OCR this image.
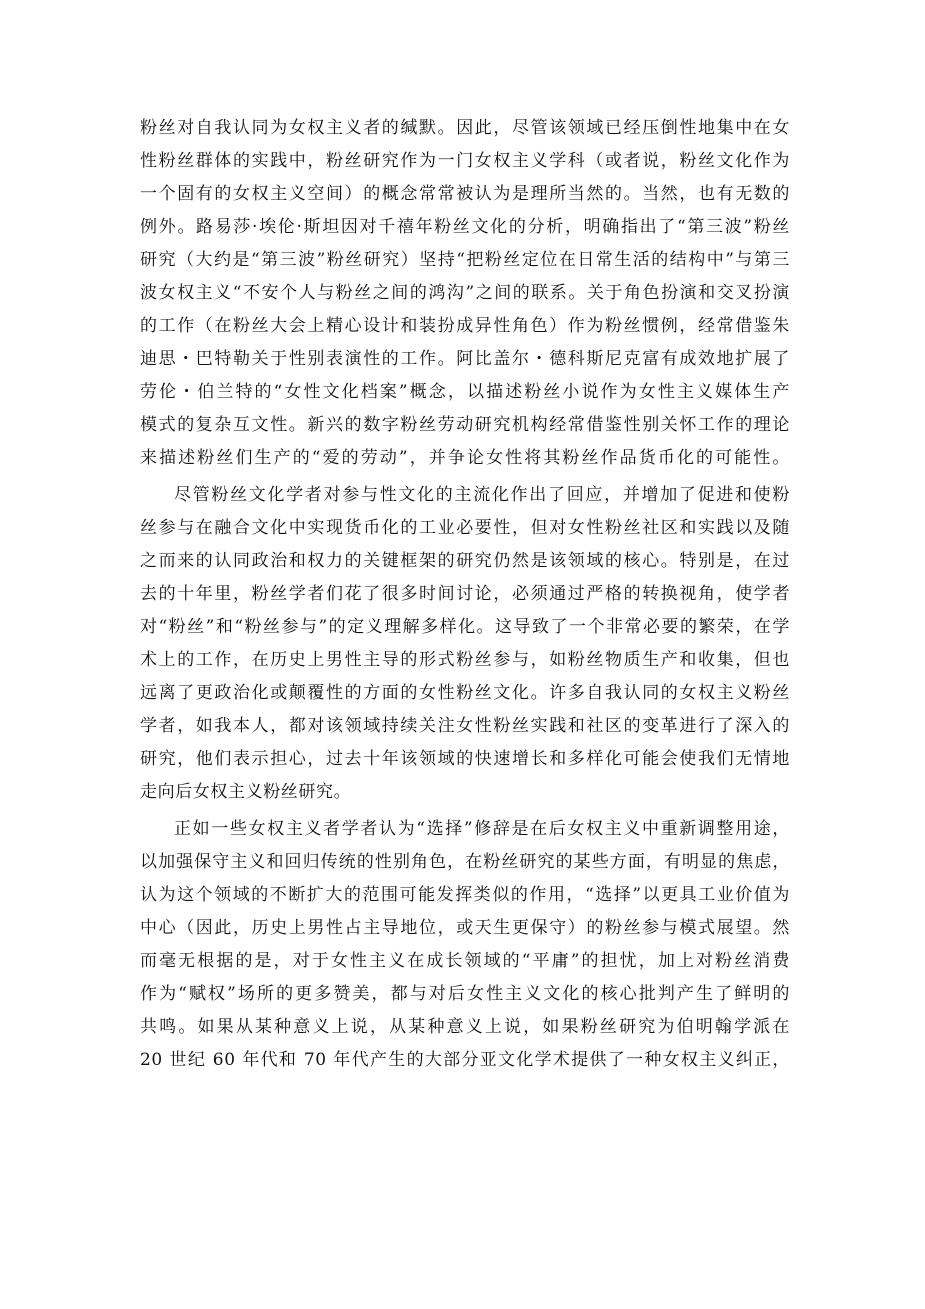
粉丝对自我认同为女权主义者的缄默。因此，尽管该领域已经压倒性地集中在女
性粉丝群体的实践中，粉丝研究作为一门女权主义学科（或者说，粉丝文化作为
一个固有的女权主义空间）的概念常常被认为是理所当然的。当然，也有无数的
例外。路易莎·埃伦·斯坦因对千禧年粉丝文化的分析，明确指出了“第三波”粉丝
研究（大约是“第三波”粉丝研究）坚持“把粉丝定位在日常生活的结构中”与第三
波女权主义“不安个人与粉丝之间的鸿沟”之间的联系。关于角色扮演和交叉扮演
的工作（在粉丝大会上精心设计和装扮成异性角色）作为粉丝惯例，经常借鉴朱
迪思・巴特勒关于性别表演性的工作。阿比盖尔・德科斯尼克富有成效地扩展了
劳伦・伯兰特的“女性文化档案”概念，以描述粉丝小说作为女性主义媒体生产
模式的复杂互文性。新兴的数字粉丝劳动研究机构经常借鉴性别关怀工作的理论
来描述粉丝们生产的“爱的劳动”，并争论女性将其粉丝作品货币化的可能性。
尽管粉丝文化学者对参与性文化的主流化作出了回应，并增加了促进和使粉
丝参与在融合文化中实现货币化的工业必要性，但对女性粉丝社区和实践以及随
之而来的认同政治和权力的关键框架的研究仍然是该领域的核心。特别是，在过
去的十年里，粉丝学者们花了很多时间讨论，必须通过严格的转换视角，使学者
对“粉丝”和“粉丝参与”的定义理解多样化。这导致了一个非常必要的繁荣，在学
术上的工作，在历史上男性主导的形式粉丝参与，如粉丝物质生产和收集，但也
远离了更政治化或颠覆性的方面的女性粉丝文化。许多自我认同的女权主义粉丝
学者，如我本人，都对该领域持续关注女性粉丝实践和社区的变革进行了深入的
研究，他们表示担心，过去十年该领域的快速增长和多样化可能会使我们无情地
走向后女权主义粉丝研究。
正如一些女权主义者学者认为“选择”修辞是在后女权主义中重新调整用途，
以加强保守主义和回归传统的性别角色，在粉丝研究的某些方面，有明显的焦虑，
认为这个领域的不断扩大的范围可能发挥类似的作用，“选择”以更具工业价值为
中心（因此，历史上男性占主导地位，或天生更保守）的粉丝参与模式展望。然
而毫无根据的是，对于女性主义在成长领域的“平庸”的担忧，加上对粉丝消费
作为“赋权”场所的更多赞美，都与对后女性主义文化的核心批判产生了鲜明的
共鸣。如果从某种意义上说，从某种意义上说，如果粉丝研究为伯明翰学派在
20 世纪 60 年代和 70 年代产生的大部分亚文化学术提供了一种女权主义纠正，
